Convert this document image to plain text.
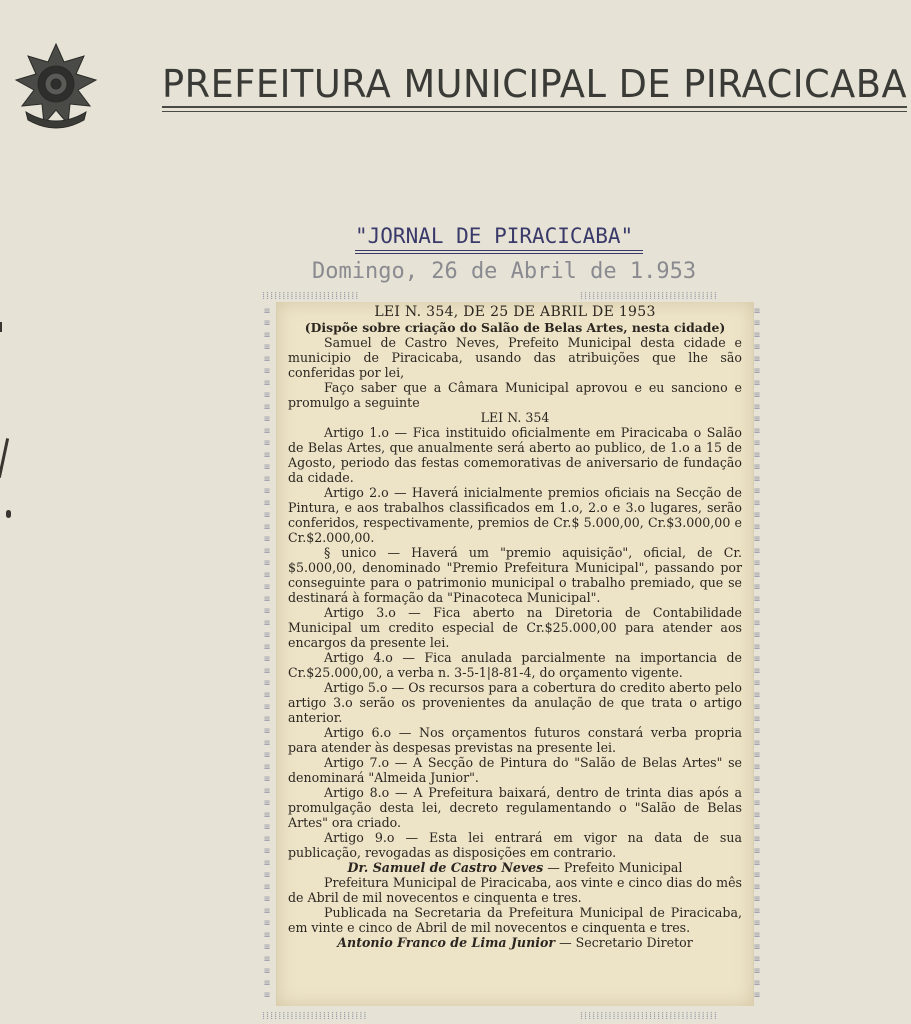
PREFEITURA MUNICIPAL DE PIRACICABA
"JORNAL DE PIRACICABA"
Domingo, 26 de Abril de 1.953
⁞⁞⁞⁞⁞⁞⁞⁞⁞⁞⁞⁞⁞⁞⁞⁞⁞⁞⁞⁞⁞⁞⁞⁞	⁞⁞⁞⁞⁞⁞⁞⁞⁞⁞⁞⁞⁞⁞⁞⁞⁞⁞⁞⁞⁞⁞⁞⁞⁞⁞⁞⁞⁞⁞⁞⁞⁞⁞
⁞⁞⁞⁞⁞⁞⁞⁞⁞⁞⁞⁞⁞⁞⁞⁞⁞⁞⁞⁞⁞⁞⁞⁞⁞⁞	⁞⁞⁞⁞⁞⁞⁞⁞⁞⁞⁞⁞⁞⁞⁞⁞⁞⁞⁞⁞⁞⁞⁞⁞⁞⁞⁞⁞⁞⁞⁞⁞⁞⁞
≡≡≡≡≡≡≡≡≡≡≡≡≡≡≡≡≡≡≡≡≡≡≡≡≡≡≡≡≡≡≡≡≡≡≡≡≡≡≡≡≡≡≡≡≡≡≡≡≡≡≡≡≡≡≡≡≡≡
≡≡≡≡≡≡≡≡≡≡≡≡≡≡≡≡≡≡≡≡≡≡≡≡≡≡≡≡≡≡≡≡≡≡≡≡≡≡≡≡≡≡≡≡≡≡≡≡≡≡≡≡≡≡≡≡≡≡

LEI N. 354, DE 25 DE ABRIL DE 1953

(Dispõe sobre criação do Salão de Belas Artes, nesta cidade)

Samuel de Castro Neves, Prefeito Municipal desta cidade e municipio de Piracicaba, usando das atribuições que lhe são conferidas por lei,

Faço saber que a Câmara Municipal aprovou e eu sanciono e promulgo a seguinte

LEI N. 354

Artigo 1.o — Fica instituido oficialmente em Piracicaba o Salão de Belas Artes, que anualmente será aberto ao publico, de 1.o a 15 de Agosto, periodo das festas comemorativas de aniversario de fundação da cidade.

Artigo 2.o — Haverá inicialmente premios oficiais na Secção de Pintura, e aos trabalhos classificados em 1.o, 2.o e 3.o lugares, serão conferidos, respectivamente, premios de Cr.$ 5.000,00, Cr.$3.000,00 e Cr.$2.000,00.

§ unico — Haverá um "premio aquisição", oficial, de Cr. $5.000,00, denominado "Premio Prefeitura Municipal", passando por conseguinte para o patrimonio municipal o trabalho premiado, que se destinará à formação da "Pinacoteca Municipal".

Artigo 3.o — Fica aberto na Diretoria de Contabilidade Municipal um credito especial de Cr.$25.000,00 para atender aos encargos da presente lei.

Artigo 4.o — Fica anulada parcialmente na importancia de Cr.$25.000,00, a verba n. 3-5-1|8-81-4, do orçamento vigente.

Artigo 5.o — Os recursos para a cobertura do credito aberto pelo artigo 3.o serão os provenientes da anulação de que trata o artigo anterior.

Artigo 6.o — Nos orçamentos futuros constará verba propria para atender às despesas previstas na presente lei.

Artigo 7.o — A Secção de Pintura do "Salão de Belas Artes" se denominará "Almeida Junior".

Artigo 8.o — A Prefeitura baixará, dentro de trinta dias após a promulgação desta lei, decreto regulamentando o "Salão de Belas Artes" ora criado.

Artigo 9.o — Esta lei entrará em vigor na data de sua publicação, revogadas as disposições em contrario.

Dr. Samuel de Castro Neves — Prefeito Municipal

Prefeitura Municipal de Piracicaba, aos vinte e cinco dias do mês de Abril de mil novecentos e cinquenta e tres.

Publicada na Secretaria da Prefeitura Municipal de Piracicaba, em vinte e cinco de Abril de mil novecentos e cinquenta e tres.

Antonio Franco de Lima Junior — Secretario Diretor
